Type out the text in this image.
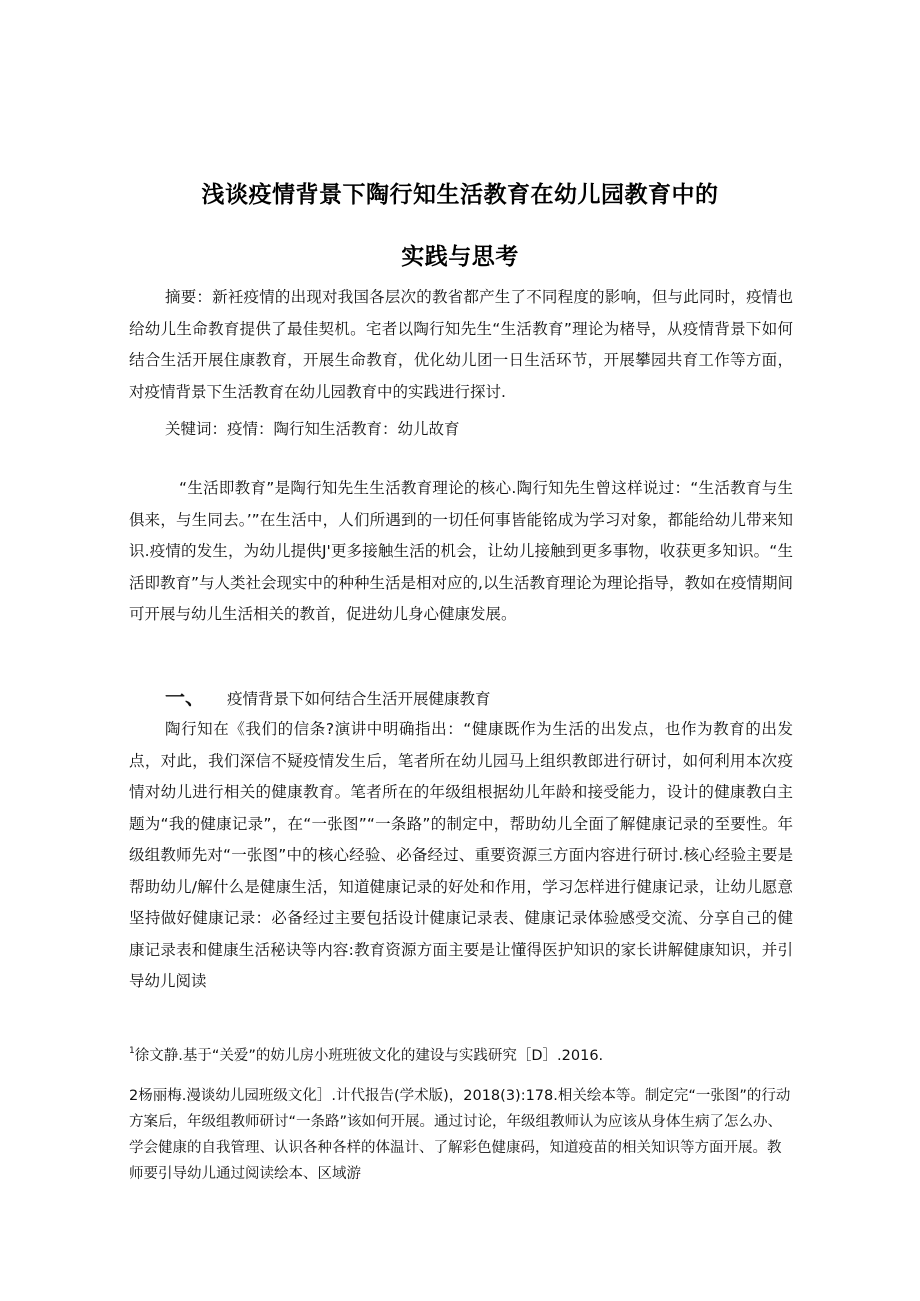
浅谈疫情背景下陶行知生活教育在幼儿园教育中的
实践与思考

摘要：新衽疫情的出现对我国各层次的教省都产生了不同程度的影响，但与此同时，疫情也给幼儿生命教育提供了最佳契机。宅者以陶行知先生“生活教育”理论为楮导，从疫情背景下如何结合生活开展住康教育，开展生命教育，优化幼儿团一日生活环节，开展攀园共育工作等方面，对疫情背景下生活教育在幼儿园教育中的实践进行探讨.

关犍词：疫情：陶行知生活教育：幼儿故育

“生活即教育”是陶行知先生生活教育理论的核心.陶行知先生曾这样说过：“生活教育与生俱来，与生同去。’”在生活中，人们所遇到的一切任何事皆能铭成为学习对象，都能给幼儿带来知识.疫情的发生，为幼儿提供J'更多接触生活的机会，让幼儿接触到更多事物，收获更多知识。“生活即教育”与人类社会现实中的种种生活是相对应的,以生活教育理论为理论指导，教如在疫情期间可开展与幼儿生活相关的教首，促进幼儿身心健康发展。

一、 疫情背景下如何结合生活开展健康教育

陶行知在《我们的信条?演讲中明确指出：“健康既作为生活的出发点，也作为教育的出发点，对此，我们深信不疑疫情发生后，笔者所在幼儿园马上组织教郎进行研讨，如何利用本次疫情对幼儿进行相关的健康教育。笔者所在的年级组根据幼儿年龄和接受能力，设计的健康教白主题为“我的健康记录”，在“一张图”“一条路”的制定中，帮助幼儿全面了解健康记录的至要性。年级组教师先对“一张图”中的核心经验、必备经过、重要资源三方面内容进行研讨.核心经验主要是帮助幼儿/解什么是健康生活，知道健康记录的好处和作用，学习怎样进行健康记录，让幼儿愿意坚持做好健康记录：必备经过主要包括设计健康记录表、健康记录体验感受交流、分享自己的健康记录表和健康生活秘诀等内容:教育资源方面主要是让懂得医护知识的家长讲解健康知识，并引导幼儿阅读

$^1$徐文静.基于“关爱”的妨儿房小班班彼文化的建设与实践研究［D］.2016.

2杨丽梅.漫谈幼儿园班级文化］.计代报告(学术版)，2018(3):178.相关绘本等。制定完“一张图”的行动方案后，年级组教师研讨“一条路”该如何开展。通过讨论，年级组教师认为应该从身体生病了怎么办、学会健康的自我管理、认识各种各样的体温计、了解彩色健康码，知道疫苗的相关知识等方面开展。教师要引导幼儿通过阅读绘本、区域游
